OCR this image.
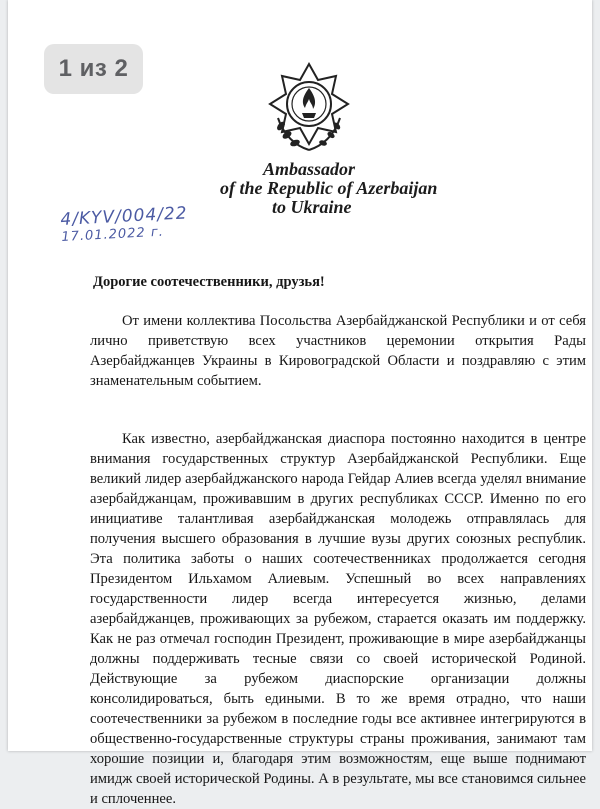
1 из 2
Ambassador
of the Republic of Azerbaijan
to Ukraine
4/KYV/004/22
17.01.2022 г.
Дорогие соотечественники, друзья!

От имени коллектива Посольства Азербайджанской Республики и от себя лично приветствую всех участников церемонии открытия Рады Азербайджанцев Украины в Кировоградской Области и поздравляю с этим знаменательным событием.

Как известно, азербайджанская диаспора постоянно находится в центре внимания государственных структур Азербайджанской Республики. Еще великий лидер азербайджанского народа Гейдар Алиев всегда уделял внимание азербайджанцам, проживавшим в других республиках СССР. Именно по его инициативе талантливая азербайджанская молодежь отправлялась для получения высшего образования в лучшие вузы других союзных республик. Эта политика заботы о наших соотечественниках продолжается сегодня Президентом Ильхамом Алиевым. Успешный во всех направлениях государственности лидер всегда интересуется жизнью, делами азербайджанцев, проживающих за рубежом, старается оказать им поддержку. Как не раз отмечал господин Президент, проживающие в мире азербайджанцы должны поддерживать тесные связи со своей исторической Родиной. Действующие за рубежом диаспорские организации должны консолидироваться, быть едиными. В то же время отрадно, что наши соотечественники за рубежом в последние годы все активнее интегрируются в общественно-государственные структуры страны проживания, занимают там хорошие позиции и, благодаря этим возможностям, еще выше поднимают имидж своей исторической Родины. А в результате, мы все становимся сильнее и сплоченнее.
